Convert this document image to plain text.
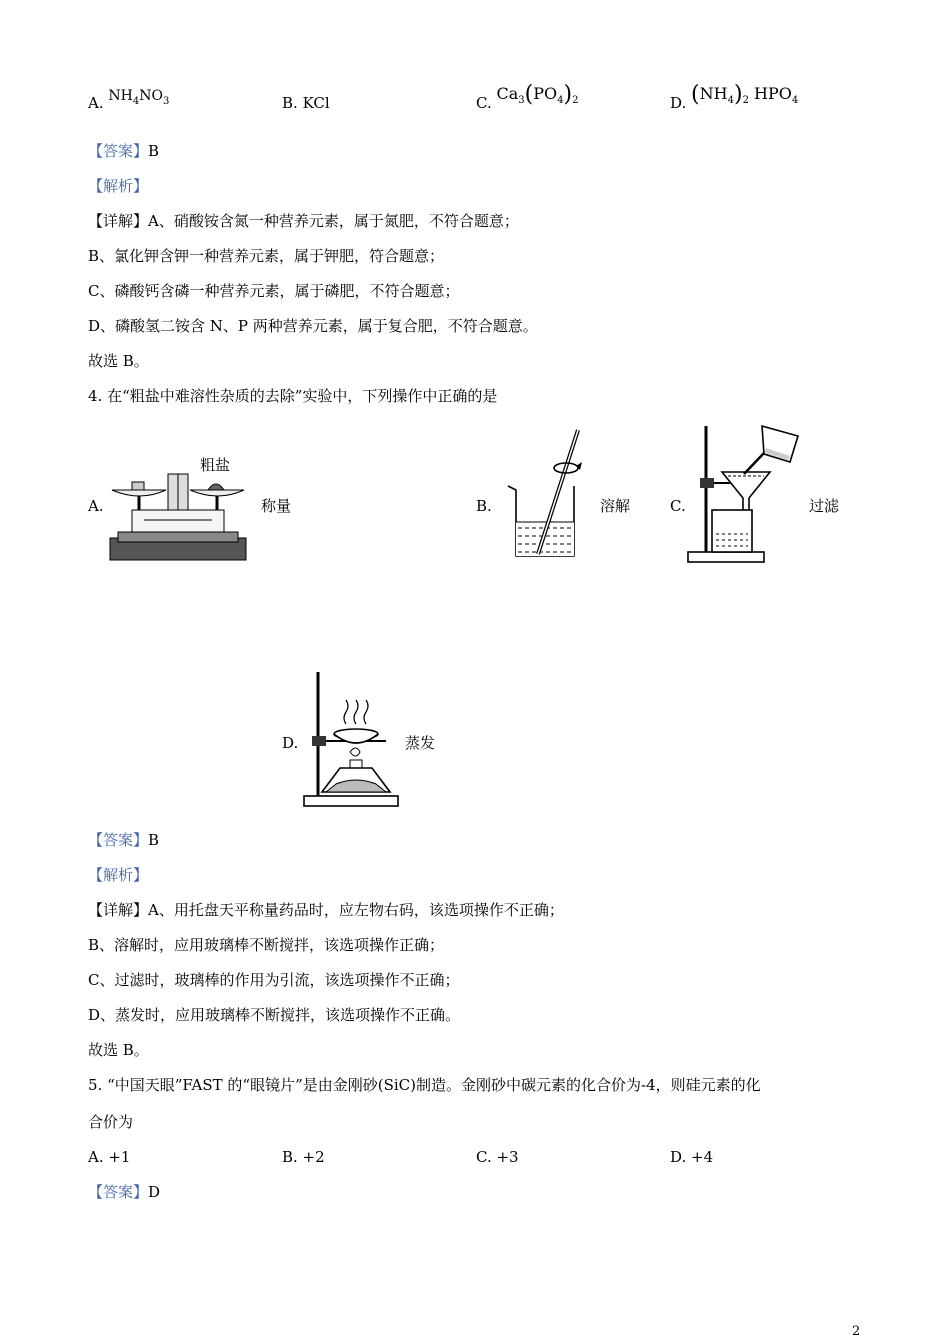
A. $NH_4NO_3$	B. KCl	C. $Ca_3(PO_4)_2$	D. $(NH_4)_2$ $HPO_4$
【答案】B
【解析】
【详解】A、硝酸铵含氮一种营养元素，属于氮肥，不符合题意；
B、氯化钾含钾一种营养元素，属于钾肥，符合题意；
C、磷酸钙含磷一种营养元素，属于磷肥，不符合题意；
D、磷酸氢二铵含 N、P 两种营养元素，属于复合肥，不符合题意。
故选 B。
4. 在“粗盐中难溶性杂质的去除”实验中，下列操作中正确的是
A.
粗盐
称量	B.	溶解	C.	过滤
D.	蒸发
【答案】B
【解析】
【详解】A、用托盘天平称量药品时，应左物右码，该选项操作不正确；
B、溶解时，应用玻璃棒不断搅拌，该选项操作正确；
C、过滤时，玻璃棒的作用为引流，该选项操作不正确；
D、蒸发时，应用玻璃棒不断搅拌，该选项操作不正确。
故选 B。
5. “中国天眼”FAST 的“眼镜片”是由金刚砂(SiC)制造。金刚砂中碳元素的化合价为-4，则硅元素的化
合价为
A. +1	B. +2	C. +3	D. +4
【答案】D
2
